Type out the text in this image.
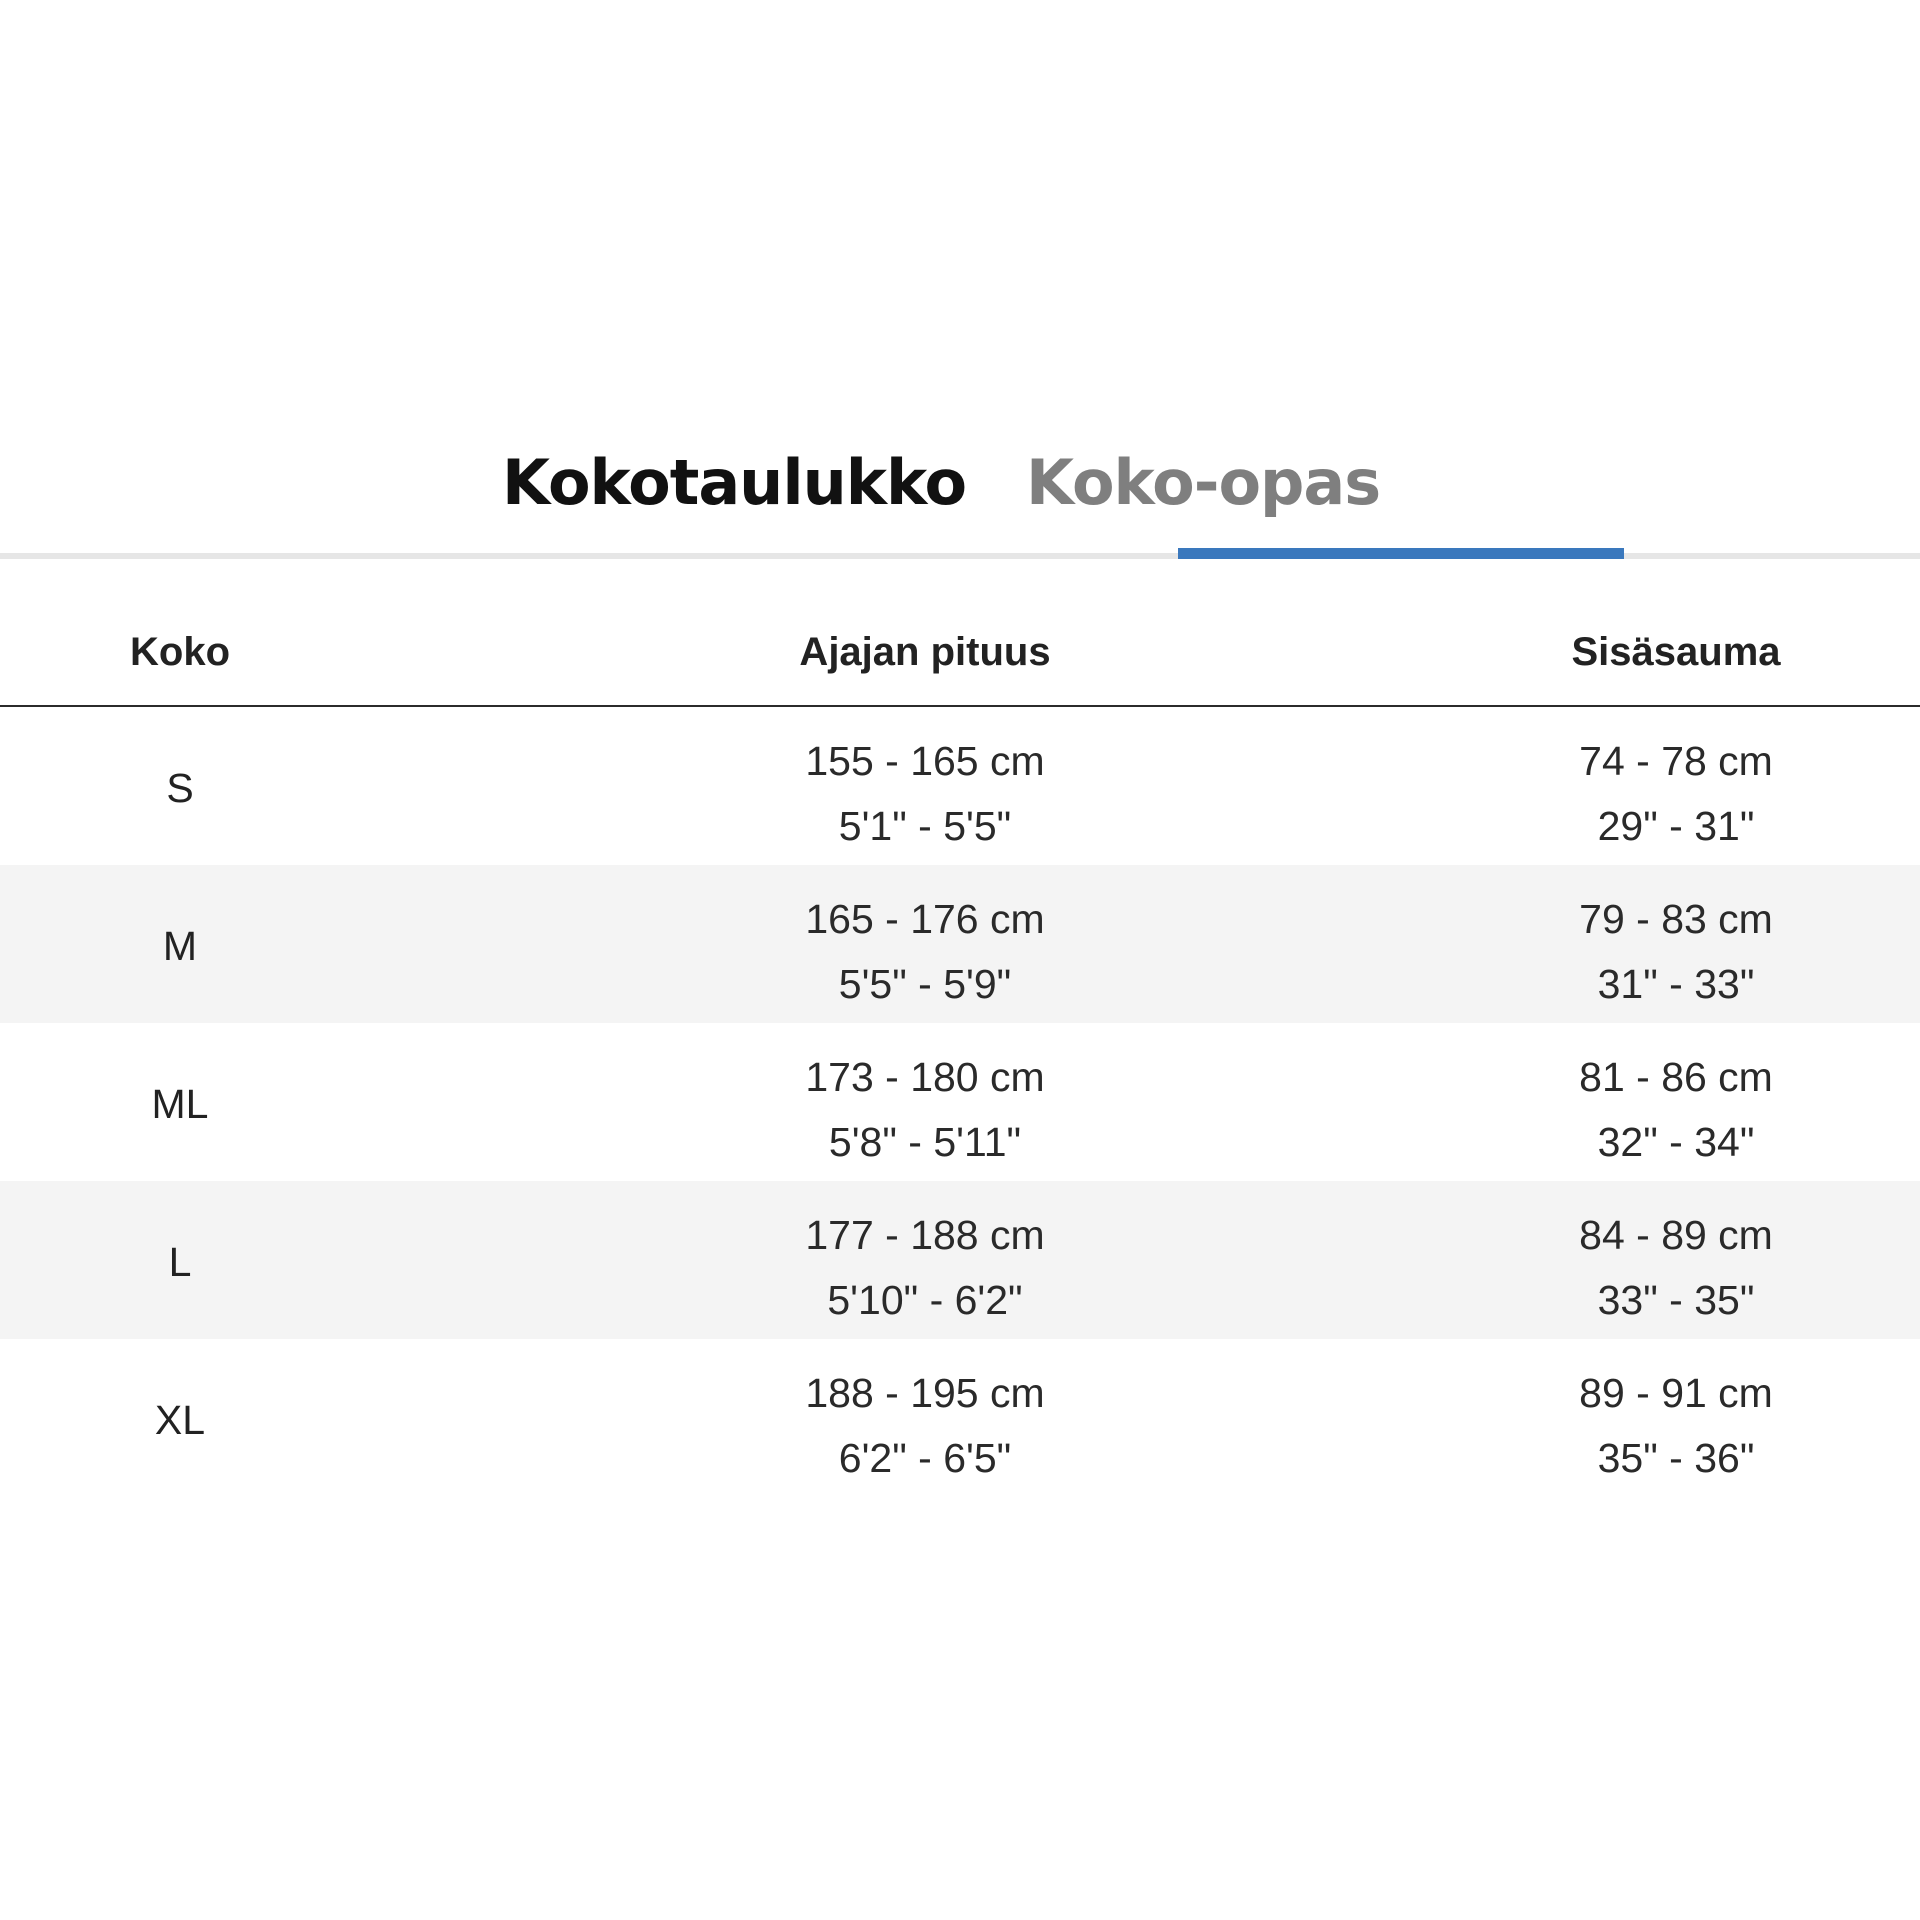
Kokotaulukko Koko-opas
Koko	Ajajan pituus	Sisäsauma
S
155 - 165 cm
5'1" - 5'5"
74 - 78 cm
29" - 31"
M
165 - 176 cm
5'5" - 5'9"
79 - 83 cm
31" - 33"
ML
173 - 180 cm
5'8" - 5'11"
81 - 86 cm
32" - 34"
L
177 - 188 cm
5'10" - 6'2"
84 - 89 cm
33" - 35"
XL
188 - 195 cm
6'2" - 6'5"
89 - 91 cm
35" - 36"
